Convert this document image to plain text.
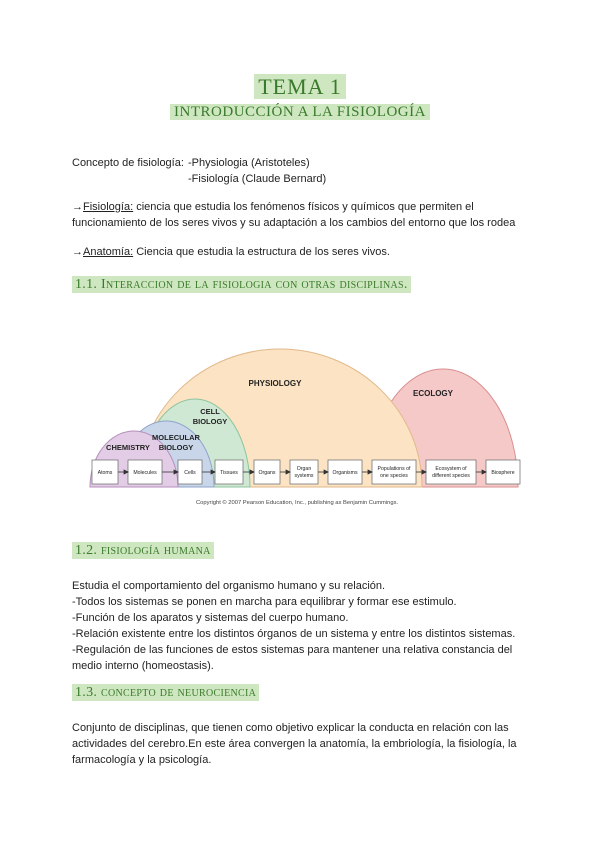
TEMA 1
INTRODUCCIÓN A LA FISIOLOGÍA
Concepto de fisiología: -Physiologia (Aristoteles)
-Fisiología (Claude Bernard)
→Fisiología: ciencia que estudia los fenómenos físicos y químicos que permiten el
funcionamiento de los seres vivos y su adaptación a los cambios del entorno que los rodea
→Anatomía: Ciencia que estudia la estructura de los seres vivos.
1.1. Interaccion de la fisiologia con otras disciplinas.
PHYSIOLOGY
ECOLOGY
CELL
BIOLOGY
MOLECULAR
BIOLOGY
CHEMISTRY
Atoms	Molecules	Cells	Tissues	Organs
Organ
systems	Organisms
Populations of
one species
Ecosystem of
different species	Biosphere
Copyright © 2007 Pearson Education, Inc., publishing as Benjamin Cummings.
1.2. fisiología humana
Estudia el comportamiento del organismo humano y su relación.
-Todos los sistemas se ponen en marcha para equilibrar y formar ese estimulo.
-Función de los aparatos y sistemas del cuerpo humano.
-Relación existente entre los distintos órganos de un sistema y entre los distintos sistemas.
-Regulación de las funciones de estos sistemas para mantener una relativa constancia del
medio interno (homeostasis).
1.3. concepto de neurociencia
Conjunto de disciplinas, que tienen como objetivo explicar la conducta en relación con las
actividades del cerebro.En este área convergen la anatomía, la embriología, la fisiología, la
farmacología y la psicología.
